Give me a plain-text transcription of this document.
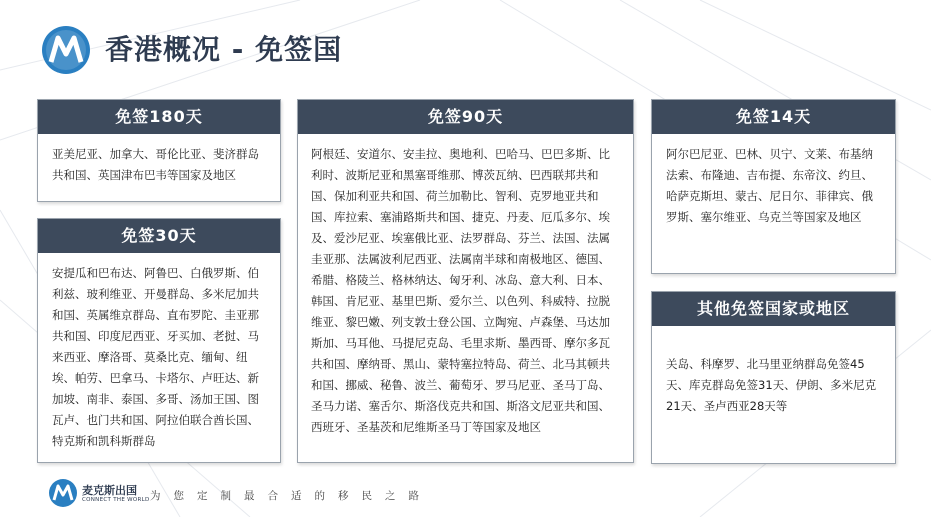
香港概况 - 免签国
免签180天
亚美尼亚、加拿大、哥伦比亚、斐济群岛共和国、英国津布巴韦等国家及地区
免签30天
安提瓜和巴布达、阿鲁巴、白俄罗斯、伯利兹、玻利维亚、开曼群岛、多米尼加共和国、英属维京群岛、直布罗陀、圭亚那共和国、印度尼西亚、牙买加、老挝、马来西亚、摩洛哥、莫桑比克、缅甸、纽埃、帕劳、巴拿马、卡塔尔、卢旺达、新加坡、南非、泰国、多哥、汤加王国、图瓦卢、也门共和国、阿拉伯联合酋长国、特克斯和凯科斯群岛
免签90天
阿根廷、安道尔、安圭拉、奥地利、巴哈马、巴巴多斯、比利时、波斯尼亚和黑塞哥维那、博茨瓦纳、巴西联邦共和国、保加利亚共和国、荷兰加勒比、智利、克罗地亚共和国、库拉索、塞浦路斯共和国、捷克、丹麦、厄瓜多尔、埃及、爱沙尼亚、埃塞俄比亚、法罗群岛、芬兰、法国、法属圭亚那、法属波利尼西亚、法属南半球和南极地区、德国、希腊、格陵兰、格林纳达、匈牙利、冰岛、意大利、日本、韩国、肯尼亚、基里巴斯、爱尔兰、以色列、科威特、拉脱维亚、黎巴嫩、列支敦士登公国、立陶宛、卢森堡、马达加斯加、马耳他、马提尼克岛、毛里求斯、墨西哥、摩尔多瓦共和国、摩纳哥、黑山、蒙特塞拉特岛、荷兰、北马其顿共和国、挪威、秘鲁、波兰、葡萄牙、罗马尼亚、圣马丁岛、圣马力诺、塞舌尔、斯洛伐克共和国、斯洛文尼亚共和国、西班牙、圣基茨和尼维斯圣马丁等国家及地区
免签14天
阿尔巴尼亚、巴林、贝宁、文莱、布基纳法索、布隆迪、吉布提、东帝汶、约旦、哈萨克斯坦、蒙古、尼日尔、菲律宾、俄罗斯、塞尔维亚、乌克兰等国家及地区
其他免签国家或地区
关岛、科摩罗、北马里亚纳群岛免签45天、库克群岛免签31天、伊朗、多米尼克21天、圣卢西亚28天等
麦克斯出国
CONNECT THE WORLD 为您定制最合适的移民之路
